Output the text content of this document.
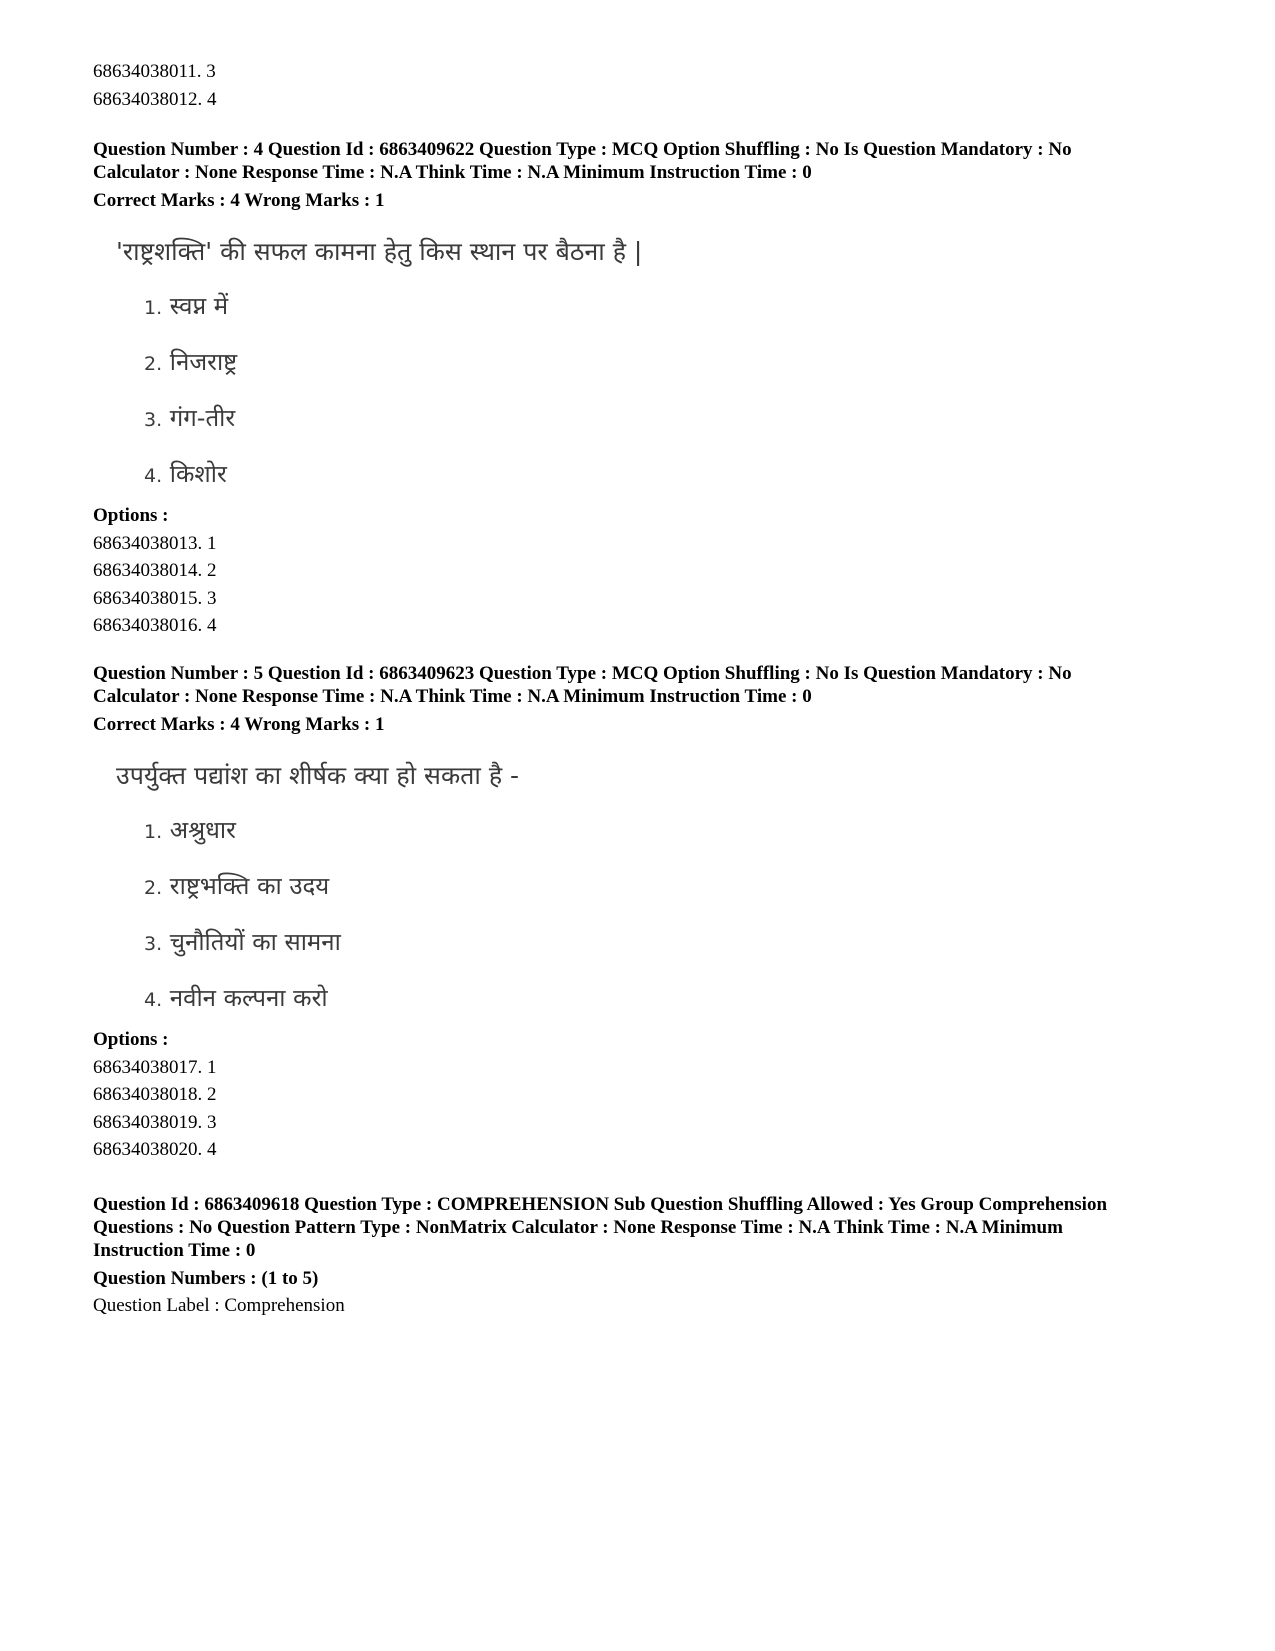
68634038011. 3
68634038012. 4
Question Number : 4 Question Id : 6863409622 Question Type : MCQ Option Shuffling : No Is Question Mandatory : No
Calculator : None Response Time : N.A Think Time : N.A Minimum Instruction Time : 0
Correct Marks : 4 Wrong Marks : 1
'राष्ट्रशक्ति' की सफल कामना हेतु किस स्थान पर बैठना है |
1. स्वप्न में
2. निजराष्ट्र
3. गंग-तीर
4. किशोर
Options :
68634038013. 1
68634038014. 2
68634038015. 3
68634038016. 4
Question Number : 5 Question Id : 6863409623 Question Type : MCQ Option Shuffling : No Is Question Mandatory : No
Calculator : None Response Time : N.A Think Time : N.A Minimum Instruction Time : 0
Correct Marks : 4 Wrong Marks : 1
उपर्युक्त पद्यांश का शीर्षक क्या हो सकता है -
1. अश्रुधार
2. राष्ट्रभक्ति का उदय
3. चुनौतियों का सामना
4. नवीन कल्पना करो
Options :
68634038017. 1
68634038018. 2
68634038019. 3
68634038020. 4
Question Id : 6863409618 Question Type : COMPREHENSION Sub Question Shuffling Allowed : Yes Group Comprehension
Questions : No Question Pattern Type : NonMatrix Calculator : None Response Time : N.A Think Time : N.A Minimum
Instruction Time : 0
Question Numbers : (1 to 5)
Question Label : Comprehension
